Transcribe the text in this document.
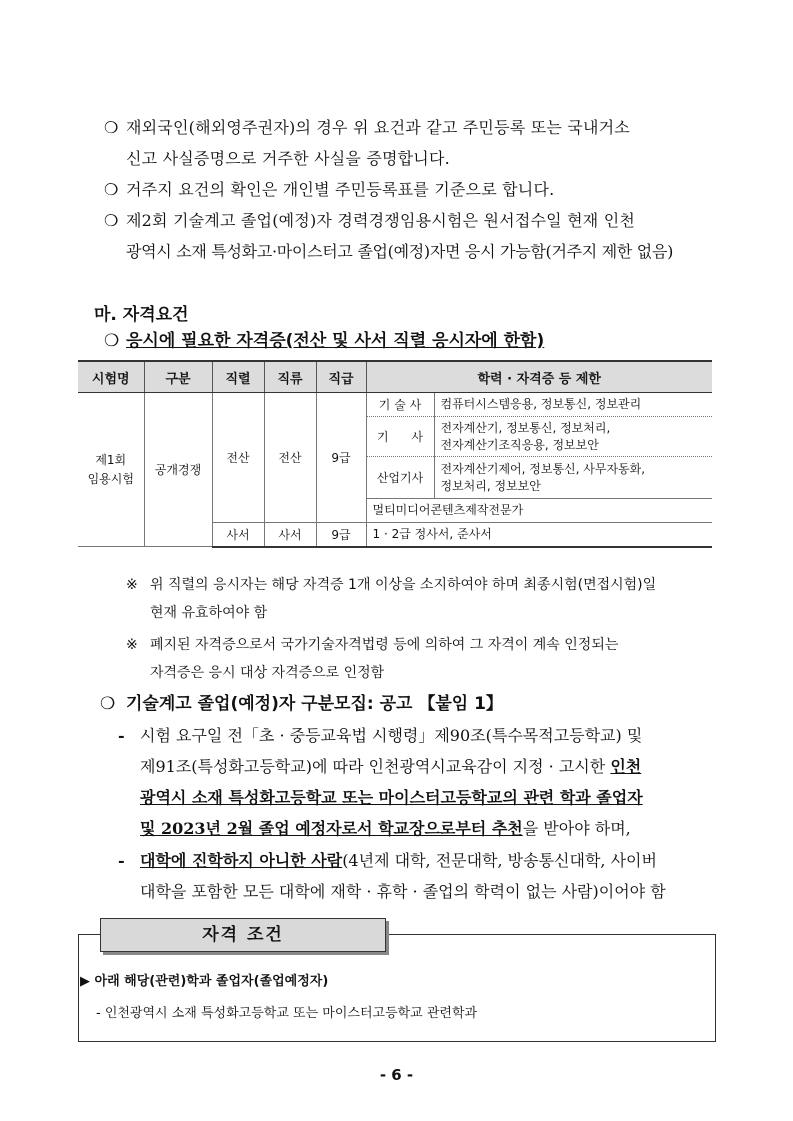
❍ 재외국인(해외영주권자)의 경우 위 요건과 같고 주민등록 또는 국내거소
신고 사실증명으로 거주한 사실을 증명합니다.
❍ 거주지 요건의 확인은 개인별 주민등록표를 기준으로 합니다.
❍ 제2회 기술계고 졸업(예정)자 경력경쟁임용시험은 원서접수일 현재 인천
광역시 소재 특성화고·마이스터고 졸업(예정)자면 응시 가능함(거주지 제한 없음)
마. 자격요건
❍ 응시에 필요한 자격증(전산 및 사서 직렬 응시자에 한함)
시험명	구분	직렬	직류	직급	학력 · 자격증 등 제한	
제1회
임용시험	공개경쟁	전산	전산	9급	기 술 사	컴퓨터시스템응용, 정보통신, 정보관리
					기      사	전자계산기, 정보통신, 정보처리,
전자계산기조직응용, 정보보안
					산업기사	전자계산기제어, 정보통신, 사무자동화,
정보처리, 정보보안
					멀티미디어콘텐츠제작전문가	
		사서	사서	9급	1 · 2급 정사서, 준사서	
※ 위 직렬의 응시자는 해당 자격증 1개 이상을 소지하여야 하며 최종시험(면접시험)일
현재 유효하여야 함
※ 폐지된 자격증으로서 국가기술자격법령 등에 의하여 그 자격이 계속 인정되는
자격증은 응시 대상 자격증으로 인정함
❍ 기술계고 졸업(예정)자 구분모집: 공고 【붙임 1】
- 시험 요구일 전「초 · 중등교육법 시행령」제90조(특수목적고등학교) 및
제91조(특성화고등학교)에 따라 인천광역시교육감이 지정 · 고시한 인천
광역시 소재 특성화고등학교 또는 마이스터고등학교의 관련 학과 졸업자
및 2023년 2월 졸업 예정자로서 학교장으로부터 추천을 받아야 하며,
- 대학에 진학하지 아니한 사람(4년제 대학, 전문대학, 방송통신대학, 사이버
대학을 포함한 모든 대학에 재학 · 휴학 · 졸업의 학력이 없는 사람)이어야 함
자격 조건
▶ 아래 해당(관련)학과 졸업자(졸업예정자)
- 인천광역시 소재 특성화고등학교 또는 마이스터고등학교 관련학과
- 6 -
